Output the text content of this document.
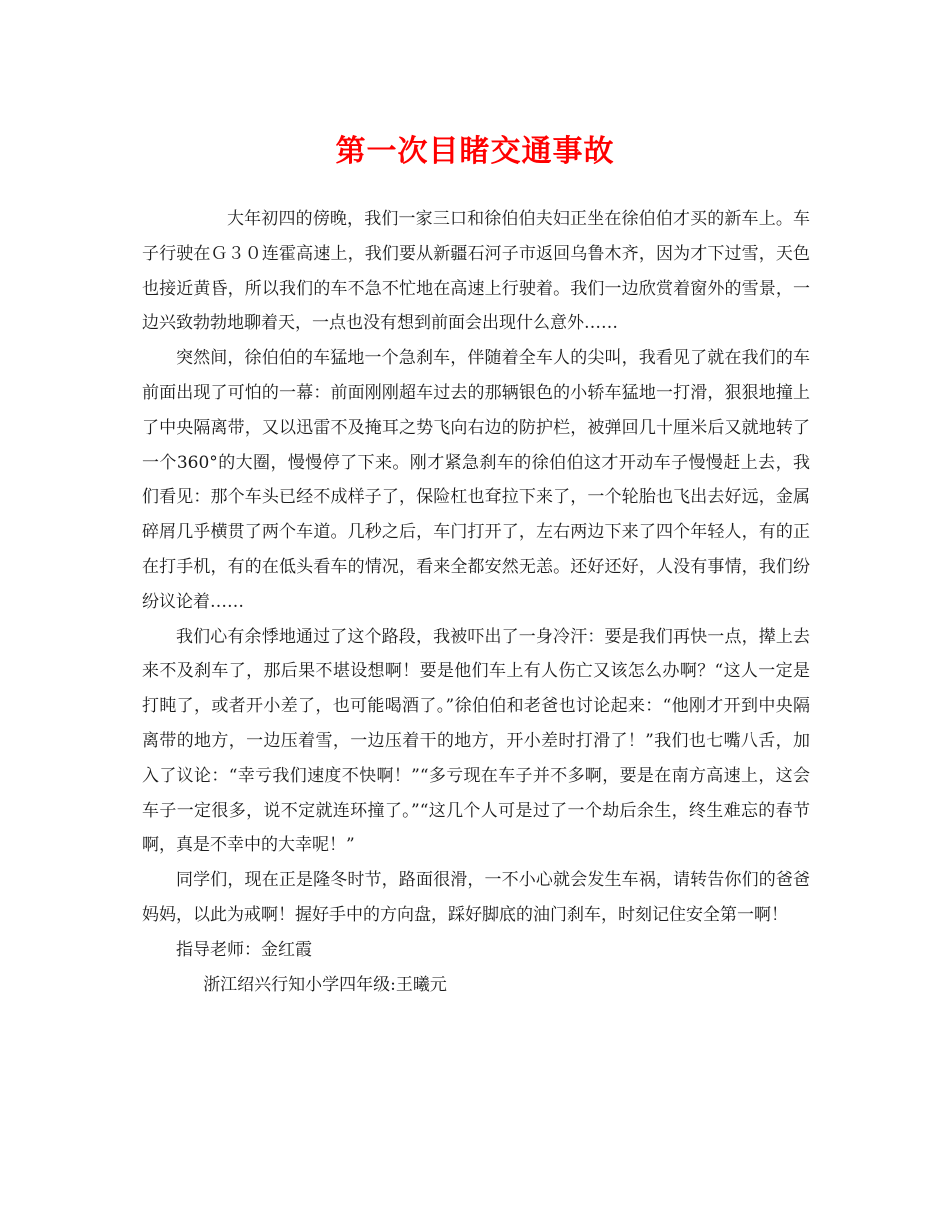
第一次目睹交通事故

大年初四的傍晚，我们一家三口和徐伯伯夫妇正坐在徐伯伯才买的新车上。车子行驶在Ｇ３０连霍高速上，我们要从新疆石河子市返回乌鲁木齐，因为才下过雪，天色也接近黄昏，所以我们的车不急不忙地在高速上行驶着。我们一边欣赏着窗外的雪景，一边兴致勃勃地聊着天，一点也没有想到前面会出现什么意外……

突然间，徐伯伯的车猛地一个急刹车，伴随着全车人的尖叫，我看见了就在我们的车前面出现了可怕的一幕：前面刚刚超车过去的那辆银色的小轿车猛地一打滑，狠狠地撞上了中央隔离带，又以迅雷不及掩耳之势飞向右边的防护栏，被弹回几十厘米后又就地转了一个360°的大圈，慢慢停了下来。刚才紧急刹车的徐伯伯这才开动车子慢慢赶上去，我们看见：那个车头已经不成样子了，保险杠也耷拉下来了，一个轮胎也飞出去好远，金属碎屑几乎横贯了两个车道。几秒之后，车门打开了，左右两边下来了四个年轻人，有的正在打手机，有的在低头看车的情况，看来全都安然无恙。还好还好，人没有事情，我们纷纷议论着……

我们心有余悸地通过了这个路段，我被吓出了一身冷汗：要是我们再快一点，撵上去来不及刹车了，那后果不堪设想啊！要是他们车上有人伤亡又该怎么办啊？“这人一定是打盹了，或者开小差了，也可能喝酒了。”徐伯伯和老爸也讨论起来：“他刚才开到中央隔离带的地方，一边压着雪，一边压着干的地方，开小差时打滑了！”我们也七嘴八舌，加入了议论：“幸亏我们速度不快啊！”“多亏现在车子并不多啊，要是在南方高速上，这会车子一定很多，说不定就连环撞了。”“这几个人可是过了一个劫后余生，终生难忘的春节啊，真是不幸中的大幸呢！”

同学们，现在正是隆冬时节，路面很滑，一不小心就会发生车祸，请转告你们的爸爸妈妈，以此为戒啊！握好手中的方向盘，踩好脚底的油门刹车，时刻记住安全第一啊！

指导老师：金红霞

浙江绍兴行知小学四年级:王曦元
